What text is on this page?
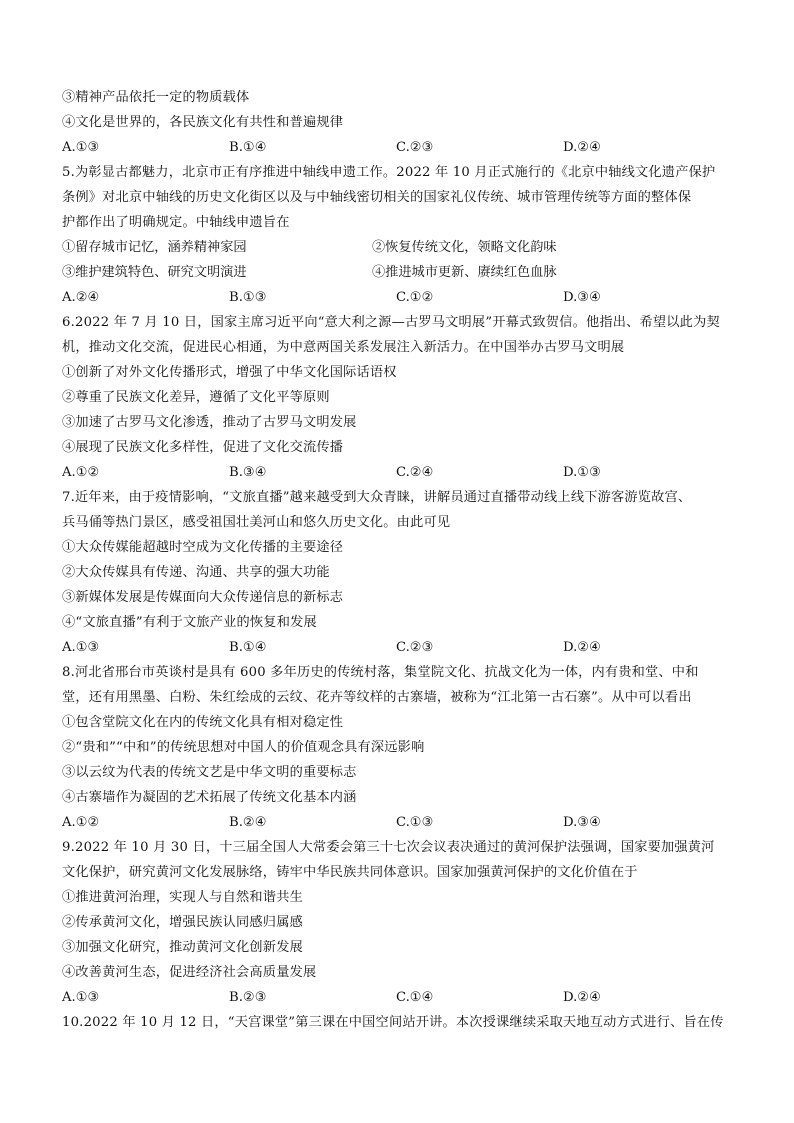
③精神产品依托一定的物质载体
④文化是世界的，各民族文化有共性和普遍规律
A.①③	B.①④	C.②③	D.②④
5.为彰显古都魅力，北京市正有序推进中轴线申遗工作。2022 年 10 月正式施行的《北京中轴线文化遗产保护
条例》对北京中轴线的历史文化街区以及与中轴线密切相关的国家礼仪传统、城市管理传统等方面的整体保
护都作出了明确规定。中轴线申遗旨在
①留存城市记忆，涵养精神家园	②恢复传统文化，领略文化韵味
③维护建筑特色、研究文明演进	④推进城市更新、赓续红色血脉
A.②④	B.①③	C.①②	D.③④
6.2022 年 7 月 10 日，国家主席习近平向“意大利之源—古罗马文明展”开幕式致贺信。他指出、希望以此为契
机，推动文化交流，促进民心相通，为中意两国关系发展注入新活力。在中国举办古罗马文明展
①创新了对外文化传播形式，增强了中华文化国际话语权
②尊重了民族文化差异，遵循了文化平等原则
③加速了古罗马文化渗透，推动了古罗马文明发展
④展现了民族文化多样性，促进了文化交流传播
A.①②	B.③④	C.②④	D.①③
7.近年来，由于疫情影响，“文旅直播”越来越受到大众青睐，讲解员通过直播带动线上线下游客游览故宫、
兵马俑等热门景区，感受祖国壮美河山和悠久历史文化。由此可见
①大众传媒能超越时空成为文化传播的主要途径
②大众传媒具有传递、沟通、共享的强大功能
③新媒体发展是传媒面向大众传递信息的新标志
④“文旅直播”有利于文旅产业的恢复和发展
A.①③	B.①④	C.②③	D.②④
8.河北省邢台市英谈村是具有 600 多年历史的传统村落，集堂院文化、抗战文化为一体，内有贵和堂、中和
堂，还有用黑墨、白粉、朱红绘成的云纹、花卉等纹样的古寨墙，被称为“江北第一古石寨”。从中可以看出
①包含堂院文化在内的传统文化具有相对稳定性
②“贵和”“中和”的传统思想对中国人的价值观念具有深远影响
③以云纹为代表的传统文艺是中华文明的重要标志
④古寨墙作为凝固的艺术拓展了传统文化基本内涵
A.①②	B.②④	C.①③	D.③④
9.2022 年 10 月 30 日，十三届全国人大常委会第三十七次会议表决通过的黄河保护法强调，国家要加强黄河
文化保护，研究黄河文化发展脉络，铸牢中华民族共同体意识。国家加强黄河保护的文化价值在于
①推进黄河治理，实现人与自然和谐共生
②传承黄河文化，增强民族认同感归属感
③加强文化研究，推动黄河文化创新发展
④改善黄河生态，促进经济社会高质量发展
A.①③	B.②③	C.①④	D.②④
10.2022 年 10 月 12 日，“天宫课堂”第三课在中国空间站开讲。本次授课继续采取天地互动方式进行、旨在传
